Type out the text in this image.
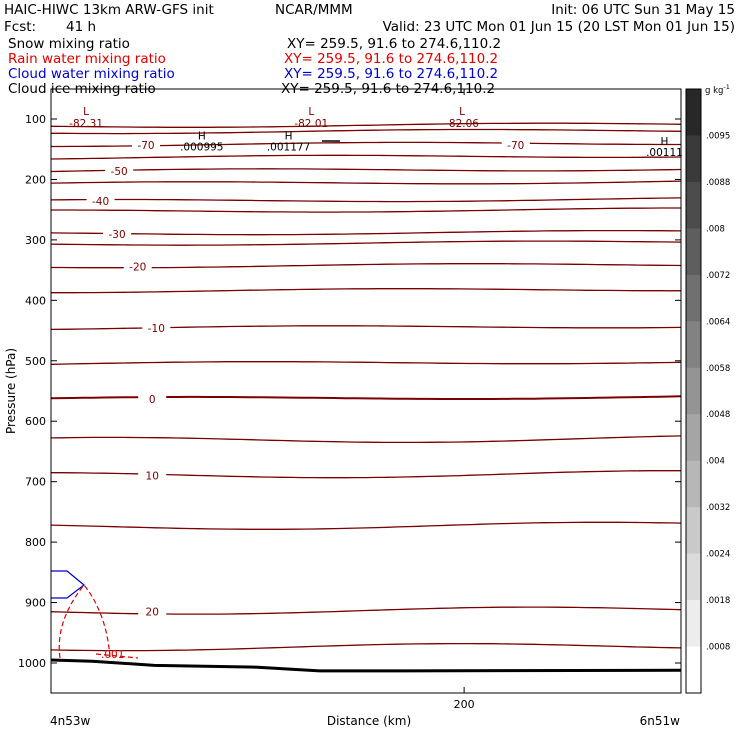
HAIC-HIWC 13km ARW-GFS init	NCAR/MMM	Init: 06 UTC Sun 31 May 15
Fcst: 41 h	Valid: 23 UTC Mon 01 Jun 15 (20 LST Mon 01 Jun 15)
Snow mixing ratio	XY= 259.5, 91.6 to 274.6,110.2
Rain water mixing ratio	XY= 259.5, 91.6 to 274.6,110.2
Cloud water mixing ratio	XY= 259.5, 91.6 to 274.6,110.2
Cloud ice mixing ratio	XY= 259.5, 91.6 to 274.6,110.2
-70	-70
-50
-40
-30
-20
-10
0
10
20
L
-82.31
L
-82.01
L
-82.06
H
.000995
H
.001177	H
.00111
.001
100
200
300
400
500
600
700
800
900
1000
200
Pressure (hPa)
Distance (km)
4n53w	6n51w
g $kg^{-1}$
.0095
.0088
.008
.0072
.0064
.0058
.0048
.004
.0032
.0024
.0018
.0008
